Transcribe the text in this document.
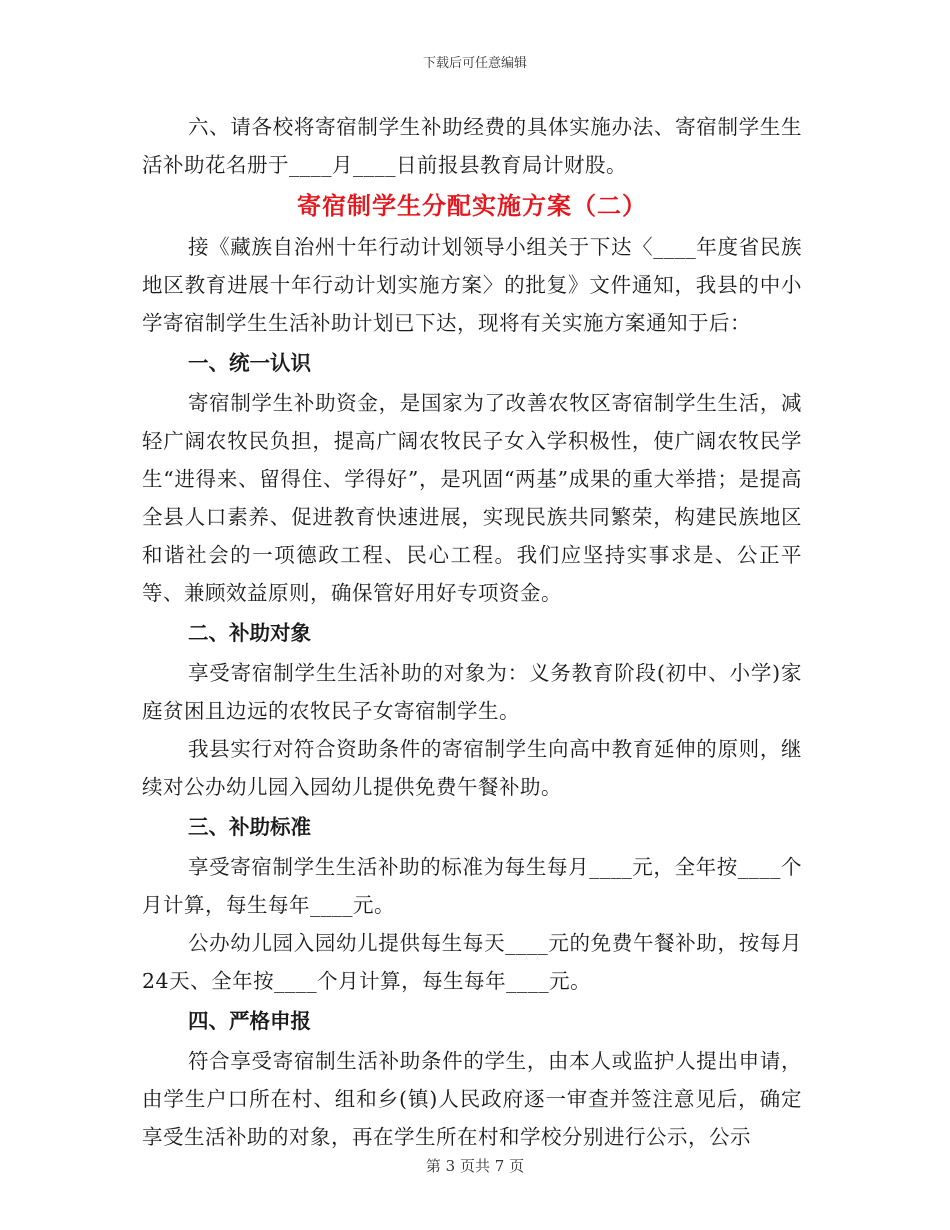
下载后可任意编辑

六、请各校将寄宿制学生补助经费的具体实施办法、寄宿制学生生活补助花名册于____月____日前报县教育局计财股。

寄宿制学生分配实施方案（二）

接《藏族自治州十年行动计划领导小组关于下达〈____年度省民族地区教育进展十年行动计划实施方案〉的批复》文件通知，我县的中小学寄宿制学生生活补助计划已下达，现将有关实施方案通知于后：

一、统一认识

寄宿制学生补助资金，是国家为了改善农牧区寄宿制学生生活，减轻广阔农牧民负担，提高广阔农牧民子女入学积极性，使广阔农牧民学生“进得来、留得住、学得好”，是巩固“两基”成果的重大举措；是提高全县人口素养、促进教育快速进展，实现民族共同繁荣，构建民族地区和谐社会的一项德政工程、民心工程。我们应坚持实事求是、公正平等、兼顾效益原则，确保管好用好专项资金。

二、补助对象

享受寄宿制学生生活补助的对象为：义务教育阶段(初中、小学)家庭贫困且边远的农牧民子女寄宿制学生。

我县实行对符合资助条件的寄宿制学生向高中教育延伸的原则，继续对公办幼儿园入园幼儿提供免费午餐补助。

三、补助标准

享受寄宿制学生生活补助的标准为每生每月____元，全年按____个月计算，每生每年____元。

公办幼儿园入园幼儿提供每生每天____元的免费午餐补助，按每月24天、全年按____个月计算，每生每年____元。

四、严格申报

符合享受寄宿制生活补助条件的学生，由本人或监护人提出申请，由学生户口所在村、组和乡(镇)人民政府逐一审查并签注意见后，确定享受生活补助的对象，再在学生所在村和学校分别进行公示，公示

第 3 页共 7 页
